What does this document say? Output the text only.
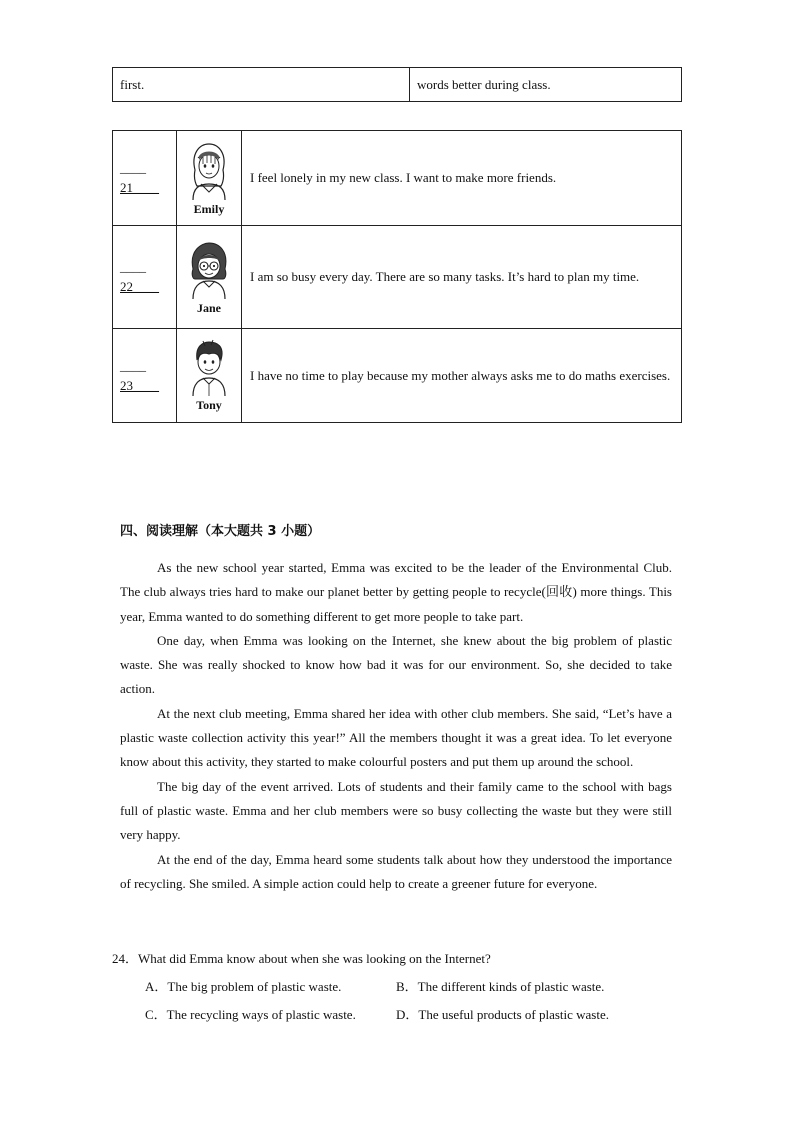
first.	words better during class.
____
21____	Emily	I feel lonely in my new class. I want to make more friends.

____
22____	Jane	I am so busy every day. There are so many tasks. It’s hard to plan my time.

____
23____	Tony	I have no time to play because my mother always asks me to do maths exercises.
四、阅读理解（本大题共 3 小题）

As the new school year started, Emma was excited to be the leader of the Environmental Club. The club always tries hard to make our planet better by getting people to recycle(回收) more things. This year, Emma wanted to do something different to get more people to take part.

One day, when Emma was looking on the Internet, she knew about the big problem of plastic waste. She was really shocked to know how bad it was for our environment. So, she decided to take action.

At the next club meeting, Emma shared her idea with other club members. She said, “Let’s have a plastic waste collection activity this year!” All the members thought it was a great idea. To let everyone know about this activity, they started to make colourful posters and put them up around the school.

The big day of the event arrived. Lots of students and their family came to the school with bags full of plastic waste. Emma and her club members were so busy collecting the waste but they were still very happy.

At the end of the day, Emma heard some students talk about how they understood the importance of recycling. She smiled. A simple action could help to create a greener future for everyone.

24．What did Emma know about when she was looking on the Internet?
A．The big problem of plastic waste.	B．The different kinds of plastic waste.
C．The recycling ways of plastic waste.	D．The useful products of plastic waste.
